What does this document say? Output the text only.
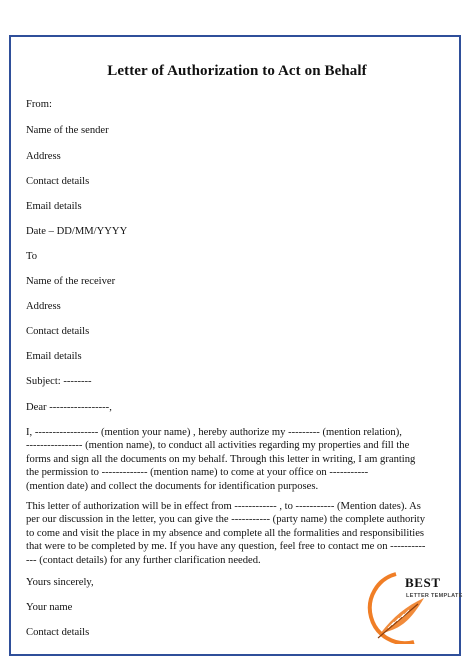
Letter of Authorization to Act on Behalf
From:
Name of the sender
Address
Contact details
Email details
Date – DD/MM/YYYY
To
Name of the receiver
Address
Contact details
Email details
Subject: --------
Dear -----------------,
I, ------------------ (mention your name) , hereby authorize my --------- (mention relation),
---------------- (mention name), to conduct all activities regarding my properties and fill the
forms and sign all the documents on my behalf. Through this letter in writing, I am granting
the permission to ------------- (mention name) to come at your office on -----------
(mention date) and collect the documents for identification purposes.
This letter of authorization will be in effect from ------------ , to ----------- (Mention dates). As
per our discussion in the letter, you can give the ----------- (party name) the complete authority
to come and visit the place in my absence and complete all the formalities and responsibilities
that were to be completed by me. If you have any question, feel free to contact me on ----------
--- (contact details) for any further clarification needed.
Yours sincerely,
Your name
Contact details
BEST
LETTER TEMPLATE
